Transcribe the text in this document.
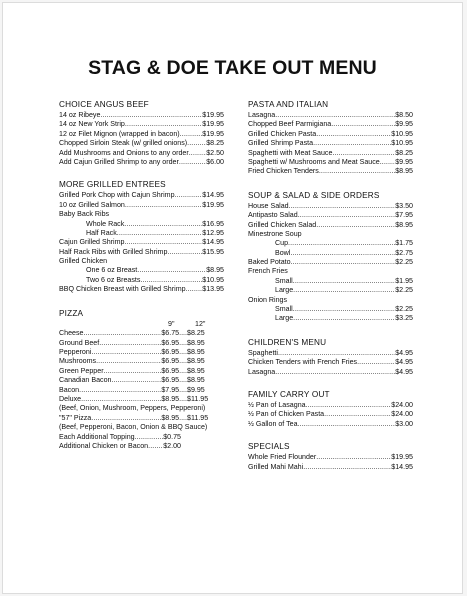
STAG & DOE TAKE OUT MENU
CHOICE ANGUS BEEF
14 oz Ribeye .....	$19.95
14 oz New York Strip .....	$19.95
12 oz Filet Mignon (wrapped in bacon) .....	$19.95
Chopped Sirloin Steak (w/ grilled onions) .....	$8.25
Add Mushrooms and Onions to any order ..... $2.50
Add Cajun Grilled Shrimp to any order .....	$6.00
MORE GRILLED ENTREES
Grilled Pork Chop with Cajun Shrimp .....	$14.95
10 oz Grilled Salmon .....	$19.95
Baby Back Ribs
Whole Rack .....	$16.95
Half Rack .....	$12.95
Cajun Grilled Shrimp .....	$14.95
Half Rack Ribs with Grilled Shrimp .....	$15.95
Grilled Chicken
One 6 oz Breast .....	$8.95
Two 6 oz Breasts .....	$10.95
BBQ Chicken Breast with Grilled Shrimp ..... $13.95
PIZZA
9"	12"
Cheese .....	$6.75 .... $8.25
Ground Beef .....	$6.95 .... $8.95
Pepperoni .....	$6.95 .... $8.95
Mushrooms .....	$6.95 .... $8.95
Green Pepper .....	$6.95 .... $8.95
Canadian Bacon .....	$6.95 .... $8.95
Bacon .....	$7.95 .... $9.95
Deluxe .....	$8.95 .... $11.95
(Beef, Onion, Mushroom, Peppers, Pepperoni)
"57" Pizza .....	$8.95 .... $11.95
(Beef, Pepperoni, Bacon, Onion & BBQ Sauce)
Each Additional Topping .....	$0.75
Additional Chicken or Bacon ..... $2.00
PASTA AND ITALIAN
Lasagna .....	$8.50
Chopped Beef Parmigiana .....	$9.95
Grilled Chicken Pasta .....	$10.95
Grilled Shrimp Pasta .....	$10.95
Spaghetti with Meat Sauce .....	$8.25
Spaghetti w/ Mushrooms and Meat Sauce ..... $9.95
Fried Chicken Tenders .....	$8.95
SOUP & SALAD & SIDE ORDERS
House Salad .....	$3.50
Antipasto Salad .....	$7.95
Grilled Chicken Salad .....	$8.95
Minestrone Soup
Cup .....	$1.75
Bowl .....	$2.75
Baked Potato .....	$2.25
French Fries
Small .....	$1.95
Large .....	$2.25
Onion Rings
Small .....	$2.25
Large .....	$3.25
CHILDREN'S MENU
Spaghetti .....	$4.95
Chicken Tenders with French Fries .....	$4.95
Lasagna .....	$4.95
FAMILY CARRY OUT
½ Pan of Lasagna .....	$24.00
½ Pan of Chicken Pasta .....	$24.00
½ Gallon of Tea .....	$3.00
SPECIALS
Whole Fried Flounder .....	$19.95
Grilled Mahi Mahi .....	$14.95
